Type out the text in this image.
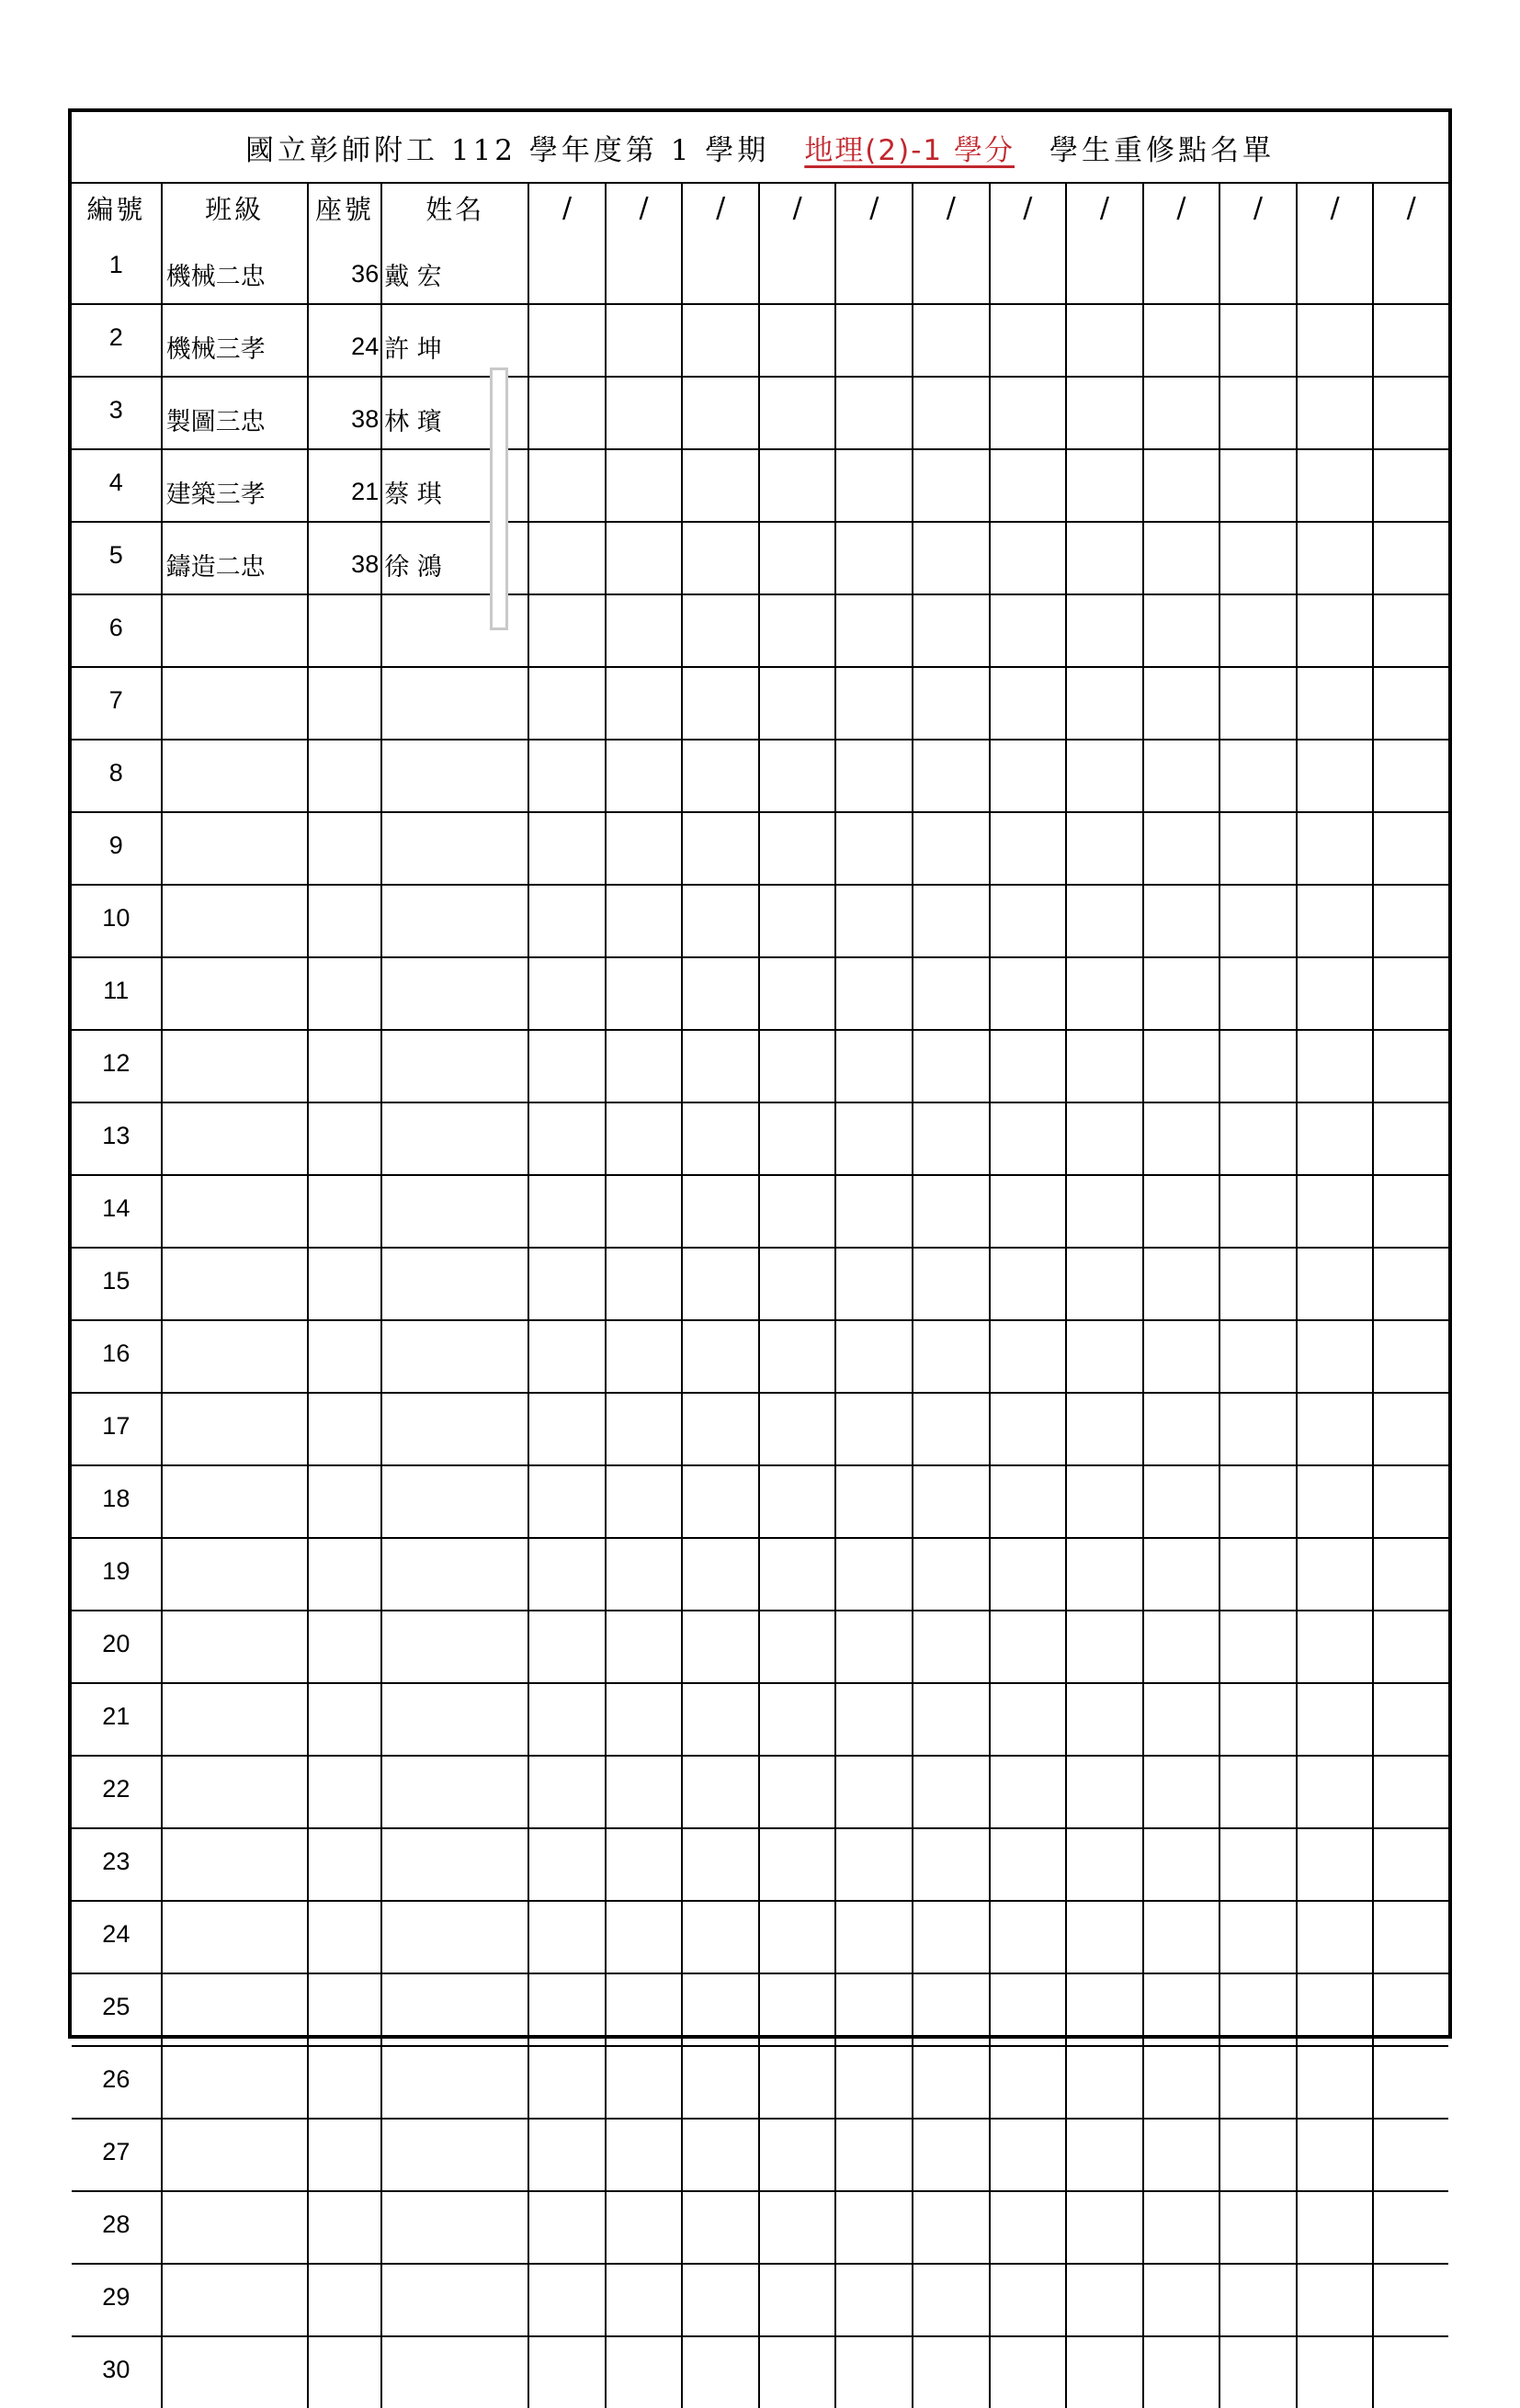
國立彰師附工 112 學年度第 1 學期 地理(2)-1 學分 學生重修點名單
編號	班級	座號	姓名	/	/	/	/	/	/	/	/	/	/	/	/
1	機械二忠	36	戴 宏												
2	機械三孝	24	許 坤												
3	製圖三忠	38	林 璸												
4	建築三孝	21	蔡 琪												
5	鑄造二忠	38	徐 鴻												
6															
7															
8															
9															
10															
11															
12															
13															
14															
15															
16															
17															
18															
19															
20															
21															
22															
23															
24															
25															
26															
27															
28															
29															
30															
